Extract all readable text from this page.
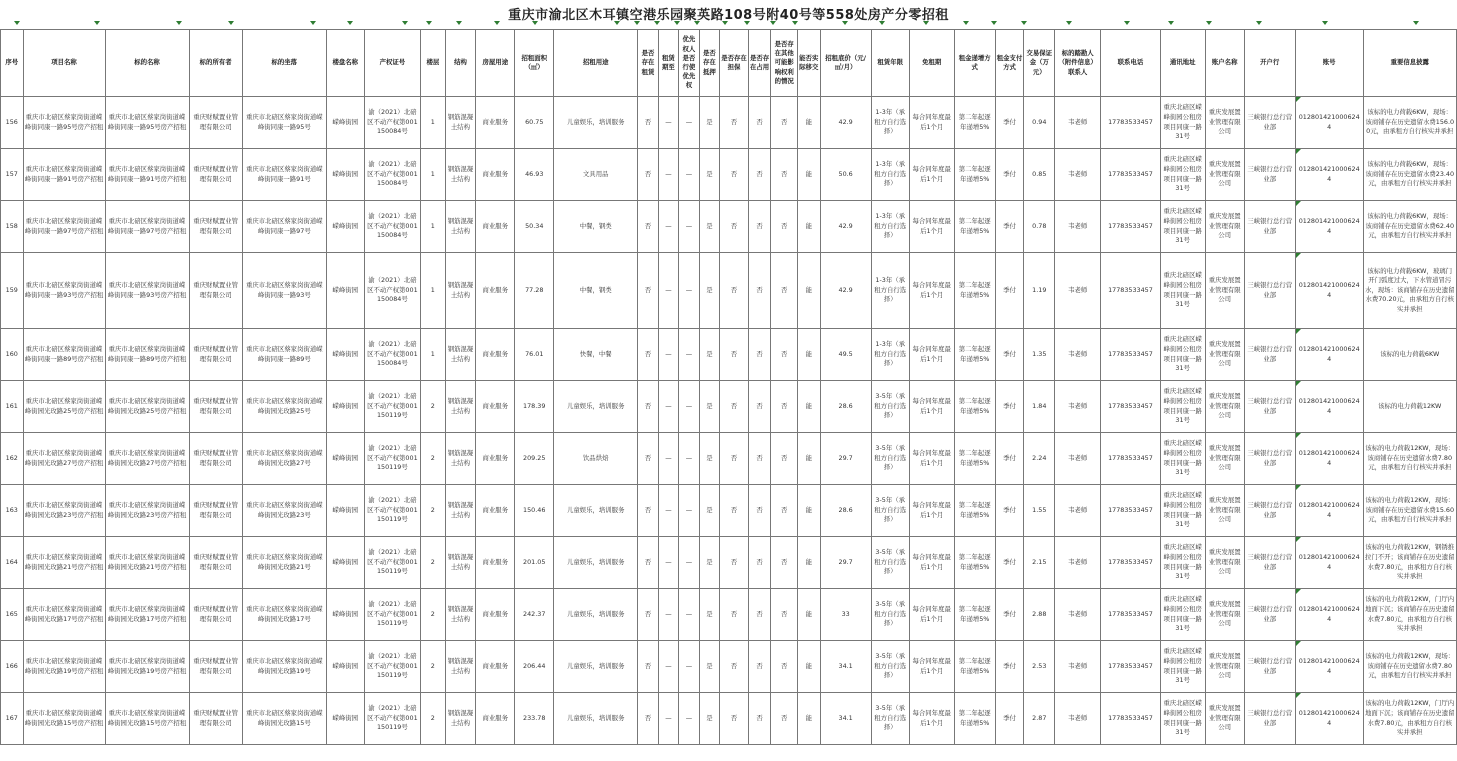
重庆市渝北区木耳镇空港乐园聚英路108号附40号等558处房产分零招租
序号	项目名称	标的名称	标的所有者	标的坐落	楼盘名称	产权证号	楼层	结构	房屋用途	招租面积（㎡）	招租用途	是否存在租赁	租赁期至	优先权人是否行使优先权	是否存在抵押	是否存在担保	是否存在占用	是否存在其他可能影响权利的情况	能否实际移交	招租底价（元/㎡/月）	租赁年限	免租期	租金递增方式	租金支付方式	交易保证金（万元）	标的踏勘人（附件信息）联系人	联系电话	通讯地址	账户名称	开户行	账号	重要信息披露
156	重庆市北碚区蔡家岗街道嵘峰街同康一路95号房产招租	重庆市北碚区蔡家岗街道嵘峰街同康一路95号房产招租	重庆财赋置业管理有限公司	重庆市北碚区蔡家岗街道嵘峰街同康一路95号	嵘峰街园	渝（2021）北碚区不动产权第001150084号	1	钢筋混凝土结构	商业服务	60.75	儿童娱乐，培训服务	否	—	—	是	否	否	否	能	42.9	1-3年（承租方自行选择）	每合同年度最后1个月	第二年起逐年递增5%	季付	0.94	韦老师	17783533457	重庆北碚区嵘峰街园公租房项目同康一路31号	重庆发展置业管理有限公司	三峡银行总行营业部	0128014210006244	该标的电力荷载6KW，现场：该商铺存在历史遗留水费156.00元，由承租方自行核实并承担
157	重庆市北碚区蔡家岗街道嵘峰街同康一路91号房产招租	重庆市北碚区蔡家岗街道嵘峰街同康一路91号房产招租	重庆财赋置业管理有限公司	重庆市北碚区蔡家岗街道嵘峰街同康一路91号	嵘峰街园	渝（2021）北碚区不动产权第001150084号	1	钢筋混凝土结构	商业服务	46.93	文具用品	否	—	—	是	否	否	否	能	50.6	1-3年（承租方自行选择）	每合同年度最后1个月	第二年起逐年递增5%	季付	0.85	韦老师	17783533457	重庆北碚区嵘峰街园公租房项目同康一路31号	重庆发展置业管理有限公司	三峡银行总行营业部	0128014210006244	该标的电力荷载6KW，现场：该商铺存在历史遗留水费23.40元，由承租方自行核实并承担
158	重庆市北碚区蔡家岗街道嵘峰街同康一路97号房产招租	重庆市北碚区蔡家岗街道嵘峰街同康一路97号房产招租	重庆财赋置业管理有限公司	重庆市北碚区蔡家岗街道嵘峰街同康一路97号	嵘峰街园	渝（2021）北碚区不动产权第001150084号	1	钢筋混凝土结构	商业服务	50.34	中餐，钢类	否	—	—	是	否	否	否	能	42.9	1-3年（承租方自行选择）	每合同年度最后1个月	第二年起逐年递增5%	季付	0.78	韦老师	17783533457	重庆北碚区嵘峰街园公租房项目同康一路31号	重庆发展置业管理有限公司	三峡银行总行营业部	0128014210006244	该标的电力荷载6KW，现场：该商铺存在历史遗留水费62.40元，由承租方自行核实并承担
159	重庆市北碚区蔡家岗街道嵘峰街同康一路93号房产招租	重庆市北碚区蔡家岗街道嵘峰街同康一路93号房产招租	重庆财赋置业管理有限公司	重庆市北碚区蔡家岗街道嵘峰街同康一路93号	嵘峰街园	渝（2021）北碚区不动产权第001150084号	1	钢筋混凝土结构	商业服务	77.28	中餐，钢类	否	—	—	是	否	否	否	能	42.9	1-3年（承租方自行选择）	每合同年度最后1个月	第二年起逐年递增5%	季付	1.19	韦老师	17783533457	重庆北碚区嵘峰街园公租房项目同康一路31号	重庆发展置业管理有限公司	三峡银行总行营业部	0128014210006244	该标的电力荷载6KW，玻璃门开门弧度过大，下水管道冒污水，现场：该商铺存在历史遗留水费70.20元，由承租方自行核实并承担
160	重庆市北碚区蔡家岗街道嵘峰街同康一路89号房产招租	重庆市北碚区蔡家岗街道嵘峰街同康一路89号房产招租	重庆财赋置业管理有限公司	重庆市北碚区蔡家岗街道嵘峰街同康一路89号	嵘峰街园	渝（2021）北碚区不动产权第001150084号	1	钢筋混凝土结构	商业服务	76.01	快餐，中餐	否	—	—	是	否	否	否	能	49.5	1-3年（承租方自行选择）	每合同年度最后1个月	第二年起逐年递增5%	季付	1.35	韦老师	17783533457	重庆北碚区嵘峰街园公租房项目同康一路31号	重庆发展置业管理有限公司	三峡银行总行营业部	0128014210006244	该标的电力荷载6KW
161	重庆市北碚区蔡家岗街道嵘峰街园光玫路25号房产招租	重庆市北碚区蔡家岗街道嵘峰街园光玫路25号房产招租	重庆财赋置业管理有限公司	重庆市北碚区蔡家岗街道嵘峰街园光玫路25号	嵘峰街园	渝（2021）北碚区不动产权第001150119号	2	钢筋混凝土结构	商业服务	178.39	儿童娱乐，培训服务	否	—	—	是	否	否	否	能	28.6	3-5年（承租方自行选择）	每合同年度最后1个月	第二年起逐年递增5%	季付	1.84	韦老师	17783533457	重庆北碚区嵘峰街园公租房项目同康一路31号	重庆发展置业管理有限公司	三峡银行总行营业部	0128014210006244	该标的电力荷载12KW
162	重庆市北碚区蔡家岗街道嵘峰街园光玫路27号房产招租	重庆市北碚区蔡家岗街道嵘峰街园光玫路27号房产招租	重庆财赋置业管理有限公司	重庆市北碚区蔡家岗街道嵘峰街园光玫路27号	嵘峰街园	渝（2021）北碚区不动产权第001150119号	2	钢筋混凝土结构	商业服务	209.25	饮品烘焙	否	—	—	是	否	否	否	能	29.7	3-5年（承租方自行选择）	每合同年度最后1个月	第二年起逐年递增5%	季付	2.24	韦老师	17783533457	重庆北碚区嵘峰街园公租房项目同康一路31号	重庆发展置业管理有限公司	三峡银行总行营业部	0128014210006244	该标的电力荷载12KW，现场：该商铺存在历史遗留水费7.80元，由承租方自行核实并承担
163	重庆市北碚区蔡家岗街道嵘峰街园光玫路23号房产招租	重庆市北碚区蔡家岗街道嵘峰街园光玫路23号房产招租	重庆财赋置业管理有限公司	重庆市北碚区蔡家岗街道嵘峰街园光玫路23号	嵘峰街园	渝（2021）北碚区不动产权第001150119号	2	钢筋混凝土结构	商业服务	150.46	儿童娱乐，培训服务	否	—	—	是	否	否	否	能	28.6	3-5年（承租方自行选择）	每合同年度最后1个月	第二年起逐年递增5%	季付	1.55	韦老师	17783533457	重庆北碚区嵘峰街园公租房项目同康一路31号	重庆发展置业管理有限公司	三峡银行总行营业部	0128014210006244	该标的电力荷载12KW，现场：该商铺存在历史遗留水费15.60元，由承租方自行核实并承担
164	重庆市北碚区蔡家岗街道嵘峰街园光玫路21号房产招租	重庆市北碚区蔡家岗街道嵘峰街园光玫路21号房产招租	重庆财赋置业管理有限公司	重庆市北碚区蔡家岗街道嵘峰街园光玫路21号	嵘峰街园	渝（2021）北碚区不动产权第001150119号	2	钢筋混凝土结构	商业服务	201.05	儿童娱乐，培训服务	否	—	—	是	否	否	否	能	29.7	3-5年（承租方自行选择）	每合同年度最后1个月	第二年起逐年递增5%	季付	2.15	韦老师	17783533457	重庆北碚区嵘峰街园公租房项目同康一路31号	重庆发展置业管理有限公司	三峡银行总行营业部	0128014210006244	该标的电力荷载12KW，钢锈推拉门不开；该商铺存在历史遗留水费7.80元，由承租方自行核实并承担
165	重庆市北碚区蔡家岗街道嵘峰街园光玫路17号房产招租	重庆市北碚区蔡家岗街道嵘峰街园光玫路17号房产招租	重庆财赋置业管理有限公司	重庆市北碚区蔡家岗街道嵘峰街园光玫路17号	嵘峰街园	渝（2021）北碚区不动产权第001150119号	2	钢筋混凝土结构	商业服务	242.37	儿童娱乐，培训服务	否	—	—	是	否	否	否	能	33	3-5年（承租方自行选择）	每合同年度最后1个月	第二年起逐年递增5%	季付	2.88	韦老师	17783533457	重庆北碚区嵘峰街园公租房项目同康一路31号	重庆发展置业管理有限公司	三峡银行总行营业部	0128014210006244	该标的电力荷载12KW，门厅内地面下沉；该商铺存在历史遗留水费7.80元，由承租方自行核实并承担
166	重庆市北碚区蔡家岗街道嵘峰街园光玫路19号房产招租	重庆市北碚区蔡家岗街道嵘峰街园光玫路19号房产招租	重庆财赋置业管理有限公司	重庆市北碚区蔡家岗街道嵘峰街园光玫路19号	嵘峰街园	渝（2021）北碚区不动产权第001150119号	2	钢筋混凝土结构	商业服务	206.44	儿童娱乐，培训服务	否	—	—	是	否	否	否	能	34.1	3-5年（承租方自行选择）	每合同年度最后1个月	第二年起逐年递增5%	季付	2.53	韦老师	17783533457	重庆北碚区嵘峰街园公租房项目同康一路31号	重庆发展置业管理有限公司	三峡银行总行营业部	0128014210006244	该标的电力荷载12KW，现场：该商铺存在历史遗留水费7.80元，由承租方自行核实并承担
167	重庆市北碚区蔡家岗街道嵘峰街园光玫路15号房产招租	重庆市北碚区蔡家岗街道嵘峰街园光玫路15号房产招租	重庆财赋置业管理有限公司	重庆市北碚区蔡家岗街道嵘峰街园光玫路15号	嵘峰街园	渝（2021）北碚区不动产权第001150119号	2	钢筋混凝土结构	商业服务	233.78	儿童娱乐，培训服务	否	—	—	是	否	否	否	能	34.1	3-5年（承租方自行选择）	每合同年度最后1个月	第二年起逐年递增5%	季付	2.87	韦老师	17783533457	重庆北碚区嵘峰街园公租房项目同康一路31号	重庆发展置业管理有限公司	三峡银行总行营业部	0128014210006244	该标的电力荷载12KW，门厅内地面下沉；该商铺存在历史遗留水费7.80元，由承租方自行核实并承担
